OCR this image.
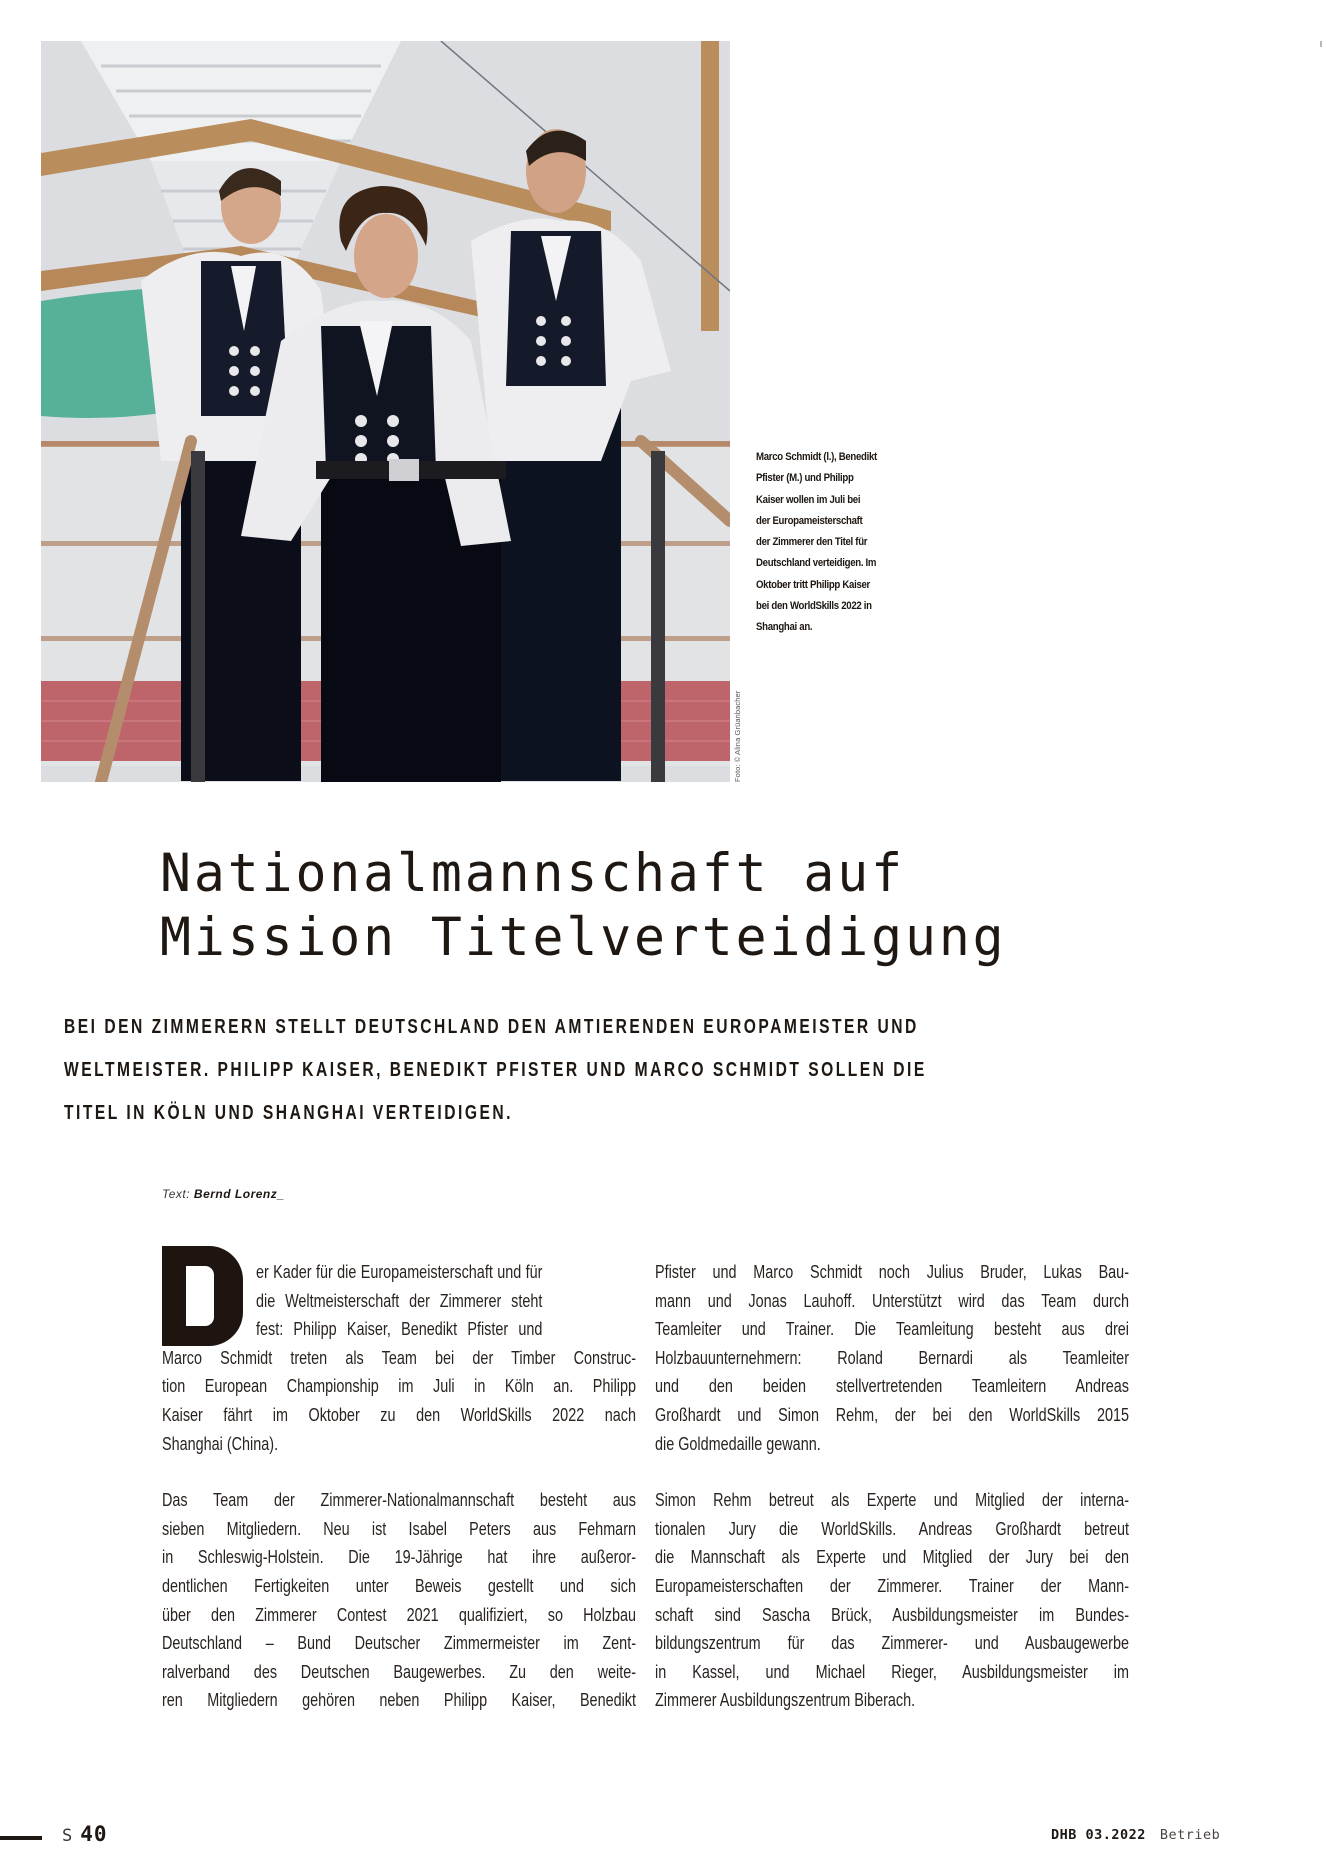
Foto: © Alina Grüanbacher
Marco Schmidt (l.), Benedikt
Pfister (M.) und Philipp
Kaiser wollen im Juli bei
der Europameisterschaft
der Zimmerer den Titel für
Deutschland verteidigen. Im
Oktober tritt Philipp Kaiser
bei den WorldSkills 2022 in
Shanghai an.
Nationalmannschaft auf
Mission Titelverteidigung
BEI DEN ZIMMERERN STELLT DEUTSCHLAND DEN AMTIERENDEN EUROPAMEISTER UND
WELTMEISTER. PHILIPP KAISER, BENEDIKT PFISTER UND MARCO SCHMIDT SOLLEN DIE
TITEL IN KÖLN UND SHANGHAI VERTEIDIGEN.
Text: Bernd Lorenz_
er Kader für die Europameisterschaft und für
die Weltmeisterschaft der Zimmerer steht
fest: Philipp Kaiser, Benedikt Pfister und
Marco Schmidt treten als Team bei der Timber Construc-
tion European Championship im Juli in Köln an. Philipp
Kaiser fährt im Oktober zu den WorldSkills 2022 nach
Shanghai (China).
Das Team der Zimmerer-Nationalmannschaft besteht aus
sieben Mitgliedern. Neu ist Isabel Peters aus Fehmarn
in Schleswig-Holstein. Die 19-Jährige hat ihre außeror-
dentlichen Fertigkeiten unter Beweis gestellt und sich
über den Zimmerer Contest 2021 qualifiziert, so Holzbau
Deutschland – Bund Deutscher Zimmermeister im Zent-
ralverband des Deutschen Baugewerbes. Zu den weite-
ren Mitgliedern gehören neben Philipp Kaiser, Benedikt
Pfister und Marco Schmidt noch Julius Bruder, Lukas Bau-
mann und Jonas Lauhoff. Unterstützt wird das Team durch
Teamleiter und Trainer. Die Teamleitung besteht aus drei
Holzbauunternehmern: Roland Bernardi als Teamleiter
und den beiden stellvertretenden Teamleitern Andreas
Großhardt und Simon Rehm, der bei den WorldSkills 2015
die Goldmedaille gewann.
Simon Rehm betreut als Experte und Mitglied der interna-
tionalen Jury die WorldSkills. Andreas Großhardt betreut
die Mannschaft als Experte und Mitglied der Jury bei den
Europameisterschaften der Zimmerer. Trainer der Mann-
schaft sind Sascha Brück, Ausbildungsmeister im Bundes-
bildungszentrum für das Zimmerer- und Ausbaugewerbe
in Kassel, und Michael Rieger, Ausbildungsmeister im
Zimmerer Ausbildungszentrum Biberach.
S 40	DHB 03.2022 Betrieb
